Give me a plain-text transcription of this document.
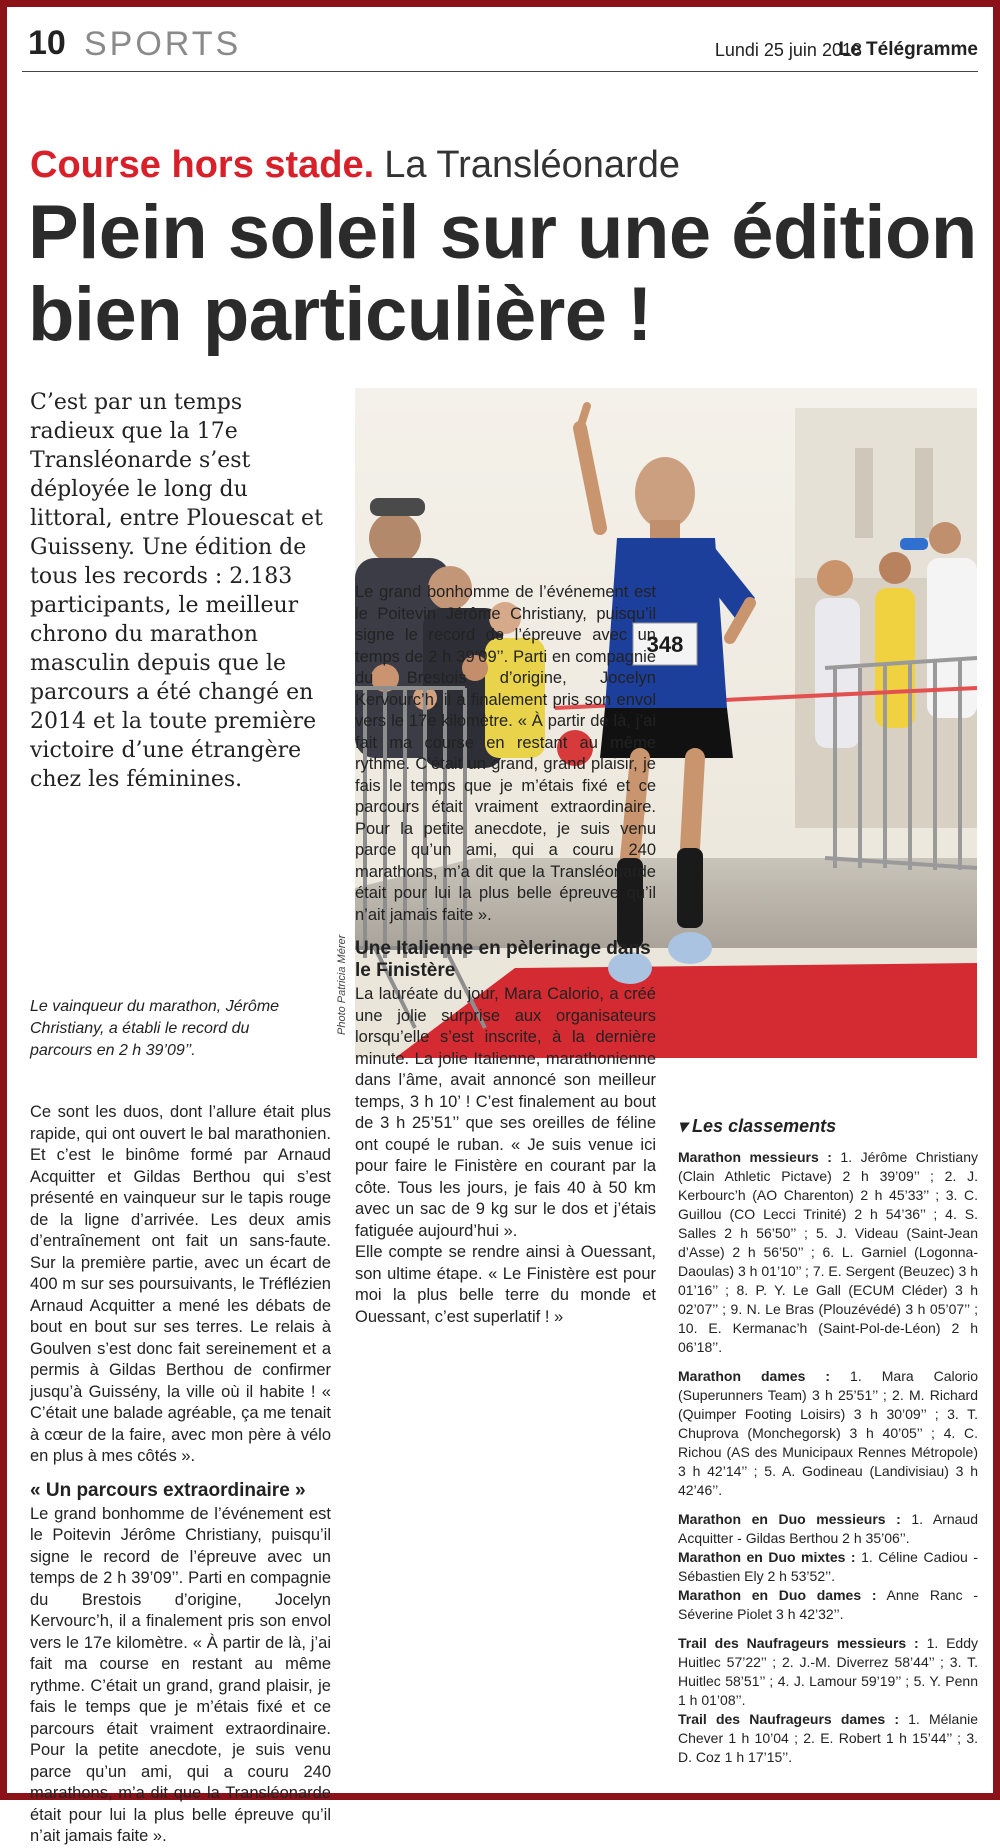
10 SPORTS	Lundi 25 juin 2018
Le Télégramme
Course hors stade. La Transléonarde
Plein soleil sur une édition bien particulière !

C’est par un temps radieux que la 17e Transléonarde s’est déployée le long du littoral, entre Plouescat et Guisseny. Une édition de tous les records : 2.183 participants, le meilleur chrono du marathon masculin depuis que le parcours a été changé en 2014 et la toute première victoire d’une étrangère chez les féminines.

Le vainqueur du marathon, Jérôme Christiany, a établi le record du parcours en 2 h 39’09’’.

Photo Patricia Mérer
348

Ce sont les duos, dont l’allure était plus rapide, qui ont ouvert le bal marathonien. Et c’est le binôme formé par Arnaud Acquitter et Gildas Berthou qui s’est présenté en vainqueur sur le tapis rouge de la ligne d’arrivée. Les deux amis d’entraînement ont fait un sans-faute. Sur la première partie, avec un écart de 400 m sur ses poursuivants, le Tréflézien Arnaud Acquitter a mené les débats de bout en bout sur ses terres. Le relais à Goulven s’est donc fait sereinement et a permis à Gildas Berthou de confirmer jusqu’à Guissény, la ville où il habite ! « C’était une balade agréable, ça me tenait à cœur de la faire, avec mon père à vélo en plus à mes côtés ».

« Un parcours extraordinaire »

Le grand bonhomme de l’événement est le Poitevin Jérôme Christiany, puisqu’il signe le record de l’épreuve avec un temps de 2 h 39’09’’. Parti en compagnie du Brestois d’origine, Jocelyn Kervourc’h, il a finalement pris son envol vers le 17e kilomètre. « À partir de là, j’ai fait ma course en restant au même rythme. C’était un grand, grand plaisir, je fais le temps que je m’étais fixé et ce parcours était vraiment extraordinaire. Pour la petite anecdote, je suis venu parce qu’un ami, qui a couru 240 marathons, m’a dit que la Transléonarde était pour lui la plus belle épreuve qu’il n’ait jamais faite ».

Le grand bonhomme de l’événement est le Poitevin Jérôme Christiany, puisqu’il signe le record de l’épreuve avec un temps de 2 h 39’09’’. Parti en compagnie du Brestois d’origine, Jocelyn Kervourc’h, il a finalement pris son envol vers le 17e kilomètre. « À partir de là, j’ai fait ma course en restant au même rythme. C’était un grand, grand plaisir, je fais le temps que je m’étais fixé et ce parcours était vraiment extraordinaire. Pour la petite anecdote, je suis venu parce qu’un ami, qui a couru 240 marathons, m’a dit que la Transléonarde était pour lui la plus belle épreuve qu’il n’ait jamais faite ».

Une Italienne en pèlerinage dans le Finistère

La lauréate du jour, Mara Calorio, a créé une jolie surprise aux organisateurs lorsqu’elle s’est inscrite, à la dernière minute. La jolie Italienne, marathonienne dans l’âme, avait annoncé son meilleur temps, 3 h 10’ ! C’est finalement au bout de 3 h 25’51’’ que ses oreilles de féline ont coupé le ruban. « Je suis venue ici pour faire le Finistère en courant par la côte. Tous les jours, je fais 40 à 50 km avec un sac de 9 kg sur le dos et j’étais fatiguée aujourd’hui ».

Elle compte se rendre ainsi à Ouessant, son ultime étape. « Le Finistère est pour moi la plus belle terre du monde et Ouessant, c’est superlatif ! »

▾ Les classements
Marathon messieurs : 1. Jérôme Christiany (Clain Athletic Pictave) 2 h 39’09’’ ; 2. J. Kerbourc’h (AO Charenton) 2 h 45’33’’ ; 3. C. Guillou (CO Lecci Trinité) 2 h 54’36’’ ; 4. S. Salles 2 h 56’50’’ ; 5. J. Videau (Saint-Jean d’Asse) 2 h 56’50’’ ; 6. L. Garniel (Logonna-Daoulas) 3 h 01’10’’ ; 7. E. Sergent (Beuzec) 3 h 01’16’’ ; 8. P. Y. Le Gall (ECUM Cléder) 3 h 02’07’’ ; 9. N. Le Bras (Plouzévédé) 3 h 05’07’’ ; 10. E. Kermanac’h (Saint-Pol-de-Léon) 2 h 06’18’’.
Marathon dames : 1. Mara Calorio (Superunners Team) 3 h 25’51’’ ; 2. M. Richard (Quimper Footing Loisirs) 3 h 30’09’’ ; 3. T. Chuprova (Monchegorsk) 3 h 40’05’’ ; 4. C. Richou (AS des Municipaux Rennes Métropole) 3 h 42’14’’ ; 5. A. Godineau (Landivisiau) 3 h 42’46’’.
Marathon en Duo messieurs : 1. Arnaud Acquitter - Gildas Berthou 2 h 35’06’’.
Marathon en Duo mixtes : 1. Céline Cadiou - Sébastien Ely 2 h 53’52’’.
Marathon en Duo dames : Anne Ranc - Séverine Piolet 3 h 42’32’’.
Trail des Naufrageurs messieurs : 1. Eddy Huitlec 57’22’’ ; 2. J.-M. Diverrez 58’44’’ ; 3. T. Huitlec 58’51’’ ; 4. J. Lamour 59’19’’ ; 5. Y. Penn 1 h 01’08’’.
Trail des Naufrageurs dames : 1. Mélanie Chever 1 h 10’04 ; 2. E. Robert 1 h 15’44’’ ; 3. D. Coz 1 h 17’15’’.
